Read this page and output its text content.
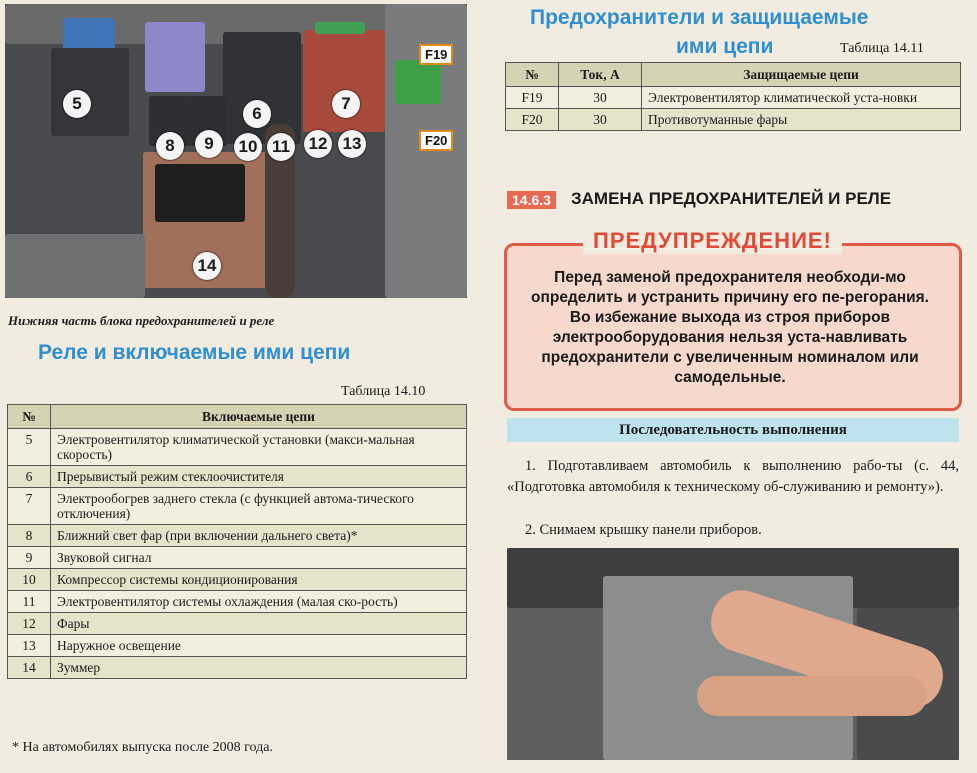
5
6
7
8	9	10 11 12 13
14
F19
F20
Нижняя часть блока предохранителей и реле
Реле и включаемые ими цепи
Таблица 14.10
№	Включаемые цепи
5	Электровентилятор климатической установки (макси-мальная скорость)
6	Прерывистый режим стеклоочистителя
7	Электрообогрев заднего стекла (с функцией автома-тического отключения)
8	Ближний свет фар (при включении дальнего света)*
9	Звуковой сигнал
10	Компрессор системы кондиционирования
11	Электровентилятор системы охлаждения (малая ско-рость)
12	Фары
13	Наружное освещение
14	Зуммер
* На автомобилях выпуска после 2008 года.
Предохранители и защищаемые
ими цепи	Таблица 14.11
№	Ток, А	Защищаемые цепи
F19	30	Электровентилятор климатической уста-новки
F20	30	Противотуманные фары
14.6.3 ЗАМЕНА ПРЕДОХРАНИТЕЛЕЙ И РЕЛЕ
ПРЕДУПРЕЖДЕНИЕ!
Перед заменой предохранителя необходи-мо определить и устранить причину его пе-регорания. Во избежание выхода из строя приборов электрооборудования нельзя уста-навливать предохранители с увеличенным номиналом или самодельные.
Последовательность выполнения
1. Подготавливаем автомобиль к выполнению рабо-ты (с. 44, «Подготовка автомобиля к техническому об-служиванию и ремонту»).
2. Снимаем крышку панели приборов.
